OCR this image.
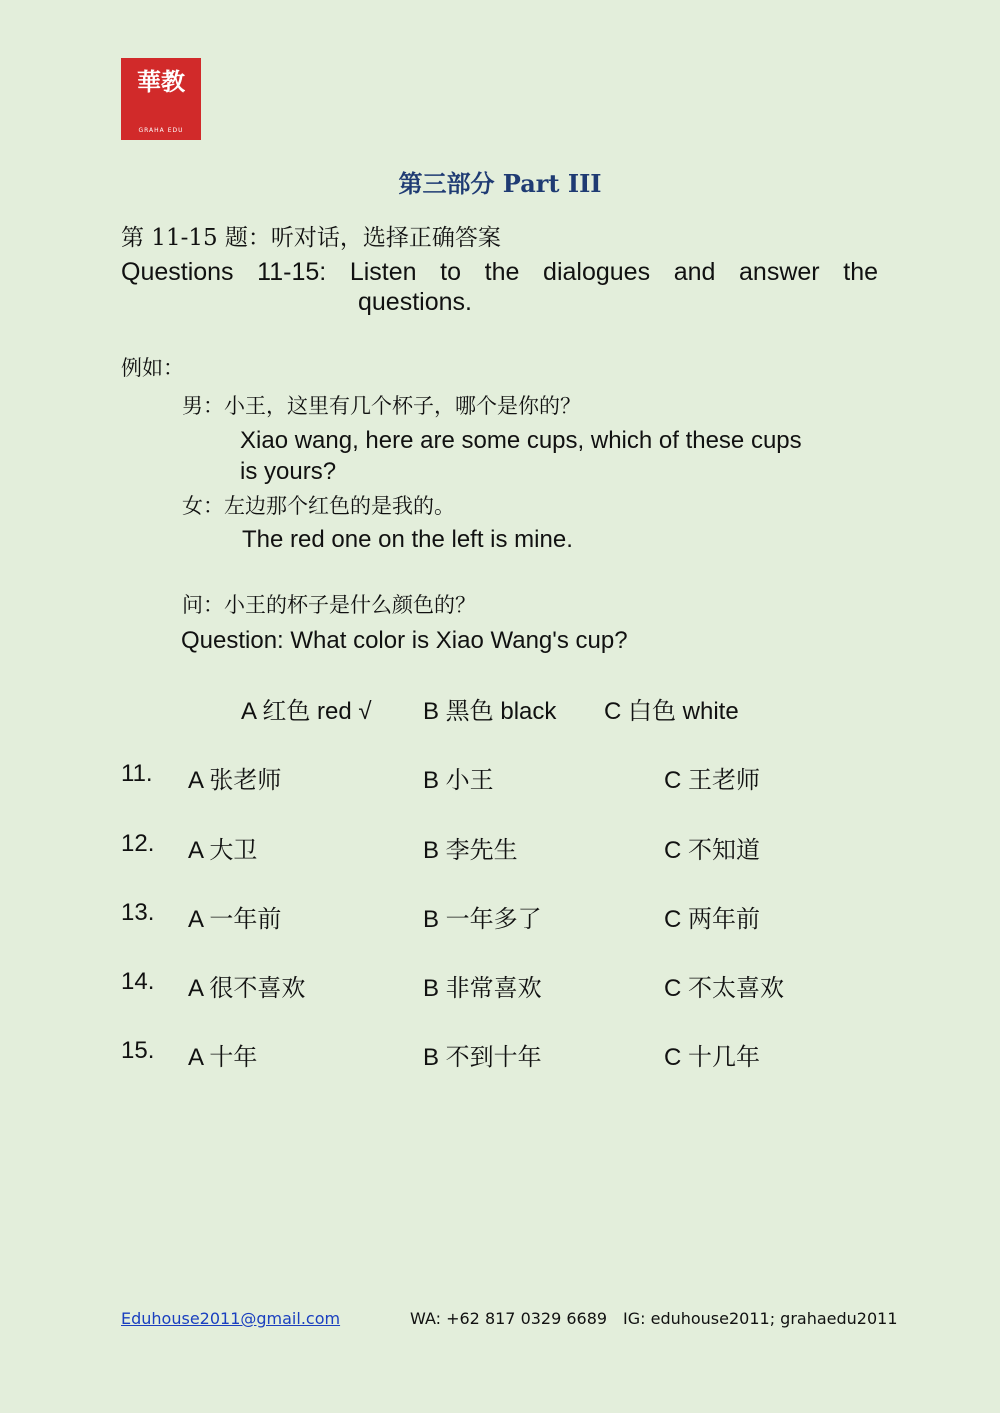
華教
GRAHA EDU
第三部分 Part III
第 11-15 题：听对话，选择正确答案
Questions 11-15: Listen to the dialogues and answer the
questions.
例如：
男：小王，这里有几个杯子，哪个是你的？
Xiao wang, here are some cups, which of these cups
is yours?
女：左边那个红色的是我的。
The red one on the left is mine.
问：小王的杯子是什么颜色的？
Question: What color is Xiao Wang's cup?
A 红色 red √ B 黑色 black C 白色 white
11. A 张老师	B 小王	C 王老师
12. A 大卫	B 李先生	C 不知道
13. A 一年前	B 一年多了	C 两年前
14. A 很不喜欢	B 非常喜欢	C 不太喜欢
15. A 十年	B 不到十年	C 十几年
Eduhouse2011@gmail.com	WA: +62 817 0329 6689 IG: eduhouse2011; grahaedu2011
